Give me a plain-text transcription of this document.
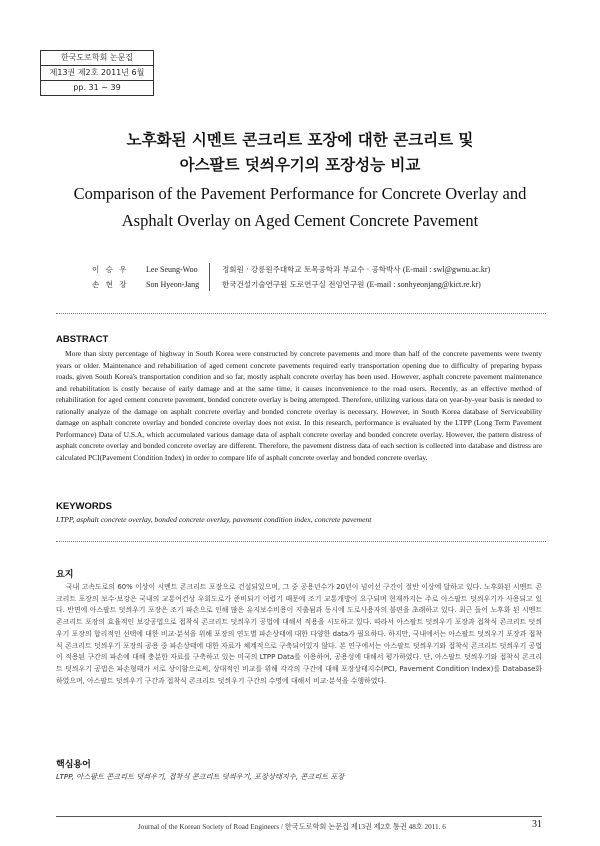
한국도로학회 논문집
제13권 제2호 2011년 6월
pp. 31 ~ 39
노후화된 시멘트 콘크리트 포장에 대한 콘크리트 및
아스팔트 덧씌우기의 포장성능 비교
Comparison of the Pavement Performance for Concrete Overlay and
Asphalt Overlay on Aged Cement Concrete Pavement
이 승 우 Lee Seung-Woo	정회원 · 강릉원주대학교 토목공학과 부교수 · 공학박사 (E-mail : swl@gwnu.ac.kr)
손 현 장 Son Hyeon-Jang	한국건설기술연구원 도로연구실 전임연구원 (E-mail : sonhyeonjang@kict.re.kr)
ABSTRACT

More than sixty percentage of highway in South Korea were constructed by concrete pavements and more than half of the concrete pavements were twenty years or older. Maintenance and rehabilitation of aged cement concrete pavements required early transportation opening due to difficulty of preparing bypass roads, given South Korea's transportation condition and so far, mostly asphalt concrete overlay has been used. However, asphalt concrete pavement maintenance and rehabilitation is costly because of early damage and at the same time, it causes inconvenience to the road users. Recently, as an effective method of rehabilitation for aged cement concrete pavement, bonded concrete overlay is being attempted. Therefore, utilizing various data on year-by-year basis is needed to rationally analyze of the damage on asphalt concrete overlay and bonded concrete overlay is necessary. However, in South Korea database of Serviceability damage on asphalt concrete overlay and bonded concrete overlay does not exist. In this research, performance is evaluated by the LTPP (Long Term Pavement Performance) Data of U.S.A, which accumulated various damage data of asphalt concrete overlay and bonded concrete overlay. However, the pattern distress of asphalt concrete overlay and bonded concrete overlay are different. Therefore, the pavement distress data of each section is collected into database and distress are calculated PCI(Pavement Condition Index) in order to compare life of asphalt concrete overlay and bonded concrete overlay.

KEYWORDS

LTPP, asphalt concrete overlay, bonded concrete overlay, pavement condition index, concrete pavement

요지

국내 고속도로의 60% 이상이 시멘트 콘크리트 포장으로 건설되었으며, 그 중 공용년수가 20년이 넘어선 구간이 절반 이상에 달하고 있다. 노후화된 시멘트 콘크리트 포장의 보수·보강은 국내의 교통여건상 우회도로가 준비되기 어렵기 때문에 조기 교통개방이 요구되며 현재까지는 주로 아스팔트 덧씌우기가 사용되고 있다. 반면에 아스팔트 덧씌우기 포장은 조기 파손으로 인해 많은 유지보수비용이 지출됨과 동시에 도로사용자의 불편을 초래하고 있다. 최근 들어 노후화 된 시멘트 콘크리트 포장의 효율적인 보강공법으로 접착식 콘크리트 덧씌우기 공법에 대해서 적용을 시도하고 있다. 따라서 아스팔트 덧씌우기 포장과 접착식 콘크리트 덧씌우기 포장의 합리적인 선택에 대한 비교·분석을 위해 포장의 연도별 파손상태에 대한 다양한 data가 필요하다. 하지만, 국내에서는 아스팔트 덧씌우기 포장과 접착식 콘크리트 덧씌우기 포장의 공용 중 파손상태에 대한 자료가 체계적으로 구축되어있지 않다. 본 연구에서는 아스팔트 덧씌우기와 접착식 콘크리트 덧씌우기 공법이 적용된 구간의 파손에 대해 충분한 자료를 구축하고 있는 미국의 LTPP Data를 이용하여, 공용성에 대해서 평가하였다. 단, 아스팔트 덧씌우기와 접착식 콘크리트 덧씌우기 공법은 파손형태가 서로 상이함으로써, 상대적인 비교를 위해 각각의 구간에 대해 포장상태지수(PCI, Pavement Condition Index)를 Database화 하였으며, 아스팔트 덧씌우기 구간과 접착식 콘크리트 덧씌우기 구간의 수명에 대해서 비교·분석을 수행하였다.

핵심용어

LTPP, 아스팔트 콘크리트 덧씌우기, 접착식 콘크리트 덧씌우기, 포장상태지수, 콘크리트 포장

Journal of the Korean Society of Road Engineers / 한국도로학회 논문집 제13권 제2호 통권 48호 2011. 6	31
